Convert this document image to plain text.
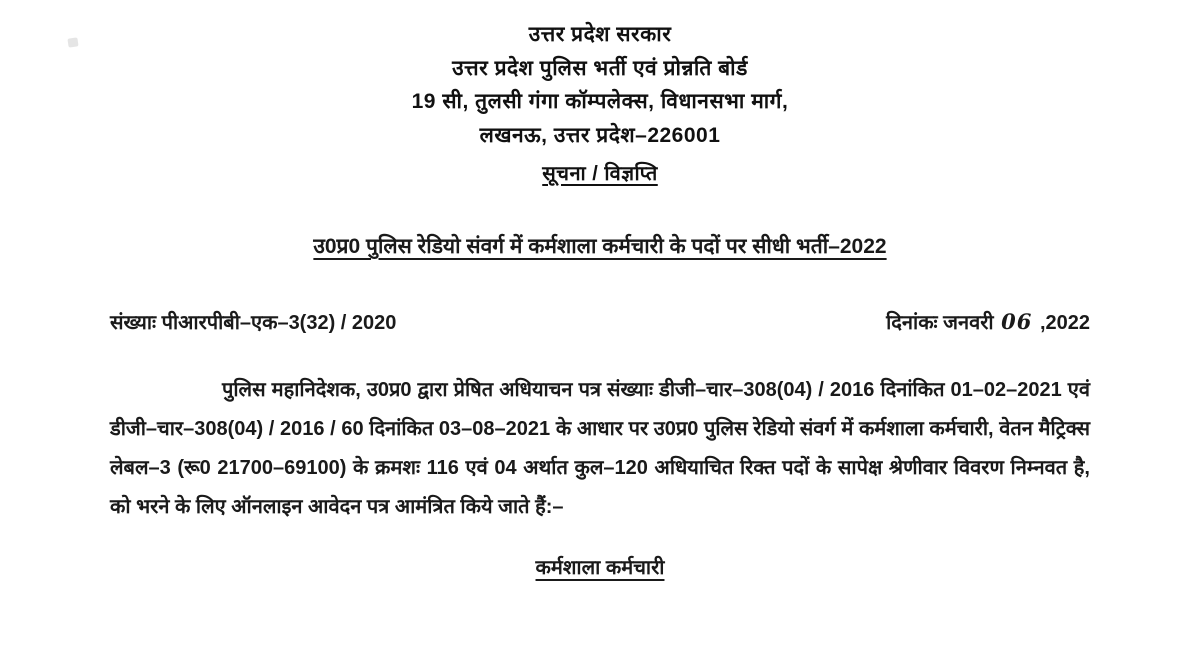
उत्तर प्रदेश सरकार
उत्तर प्रदेश पुलिस भर्ती एवं प्रोन्नति बोर्ड
19 सी, तुलसी गंगा कॉम्पलेक्स, विधानसभा मार्ग,
लखनऊ, उत्तर प्रदेश–226001
सूचना / विज्ञप्ति
उ0प्र0 पुलिस रेडियो संवर्ग में कर्मशाला कर्मचारी के पदों पर सीधी भर्ती–2022
संख्याः पीआरपीबी–एक–3(32) / 2020	दिनांकः जनवरी 06 ,2022
पुलिस महानिदेशक, उ0प्र0 द्वारा प्रेषित अधियाचन पत्र संख्याः डीजी–चार–308(04) / 2016 दिनांकित 01–02–2021 एवं डीजी–चार–308(04) / 2016 / 60 दिनांकित 03–08–2021 के आधार पर उ0प्र0 पुलिस रेडियो संवर्ग में कर्मशाला कर्मचारी, वेतन मैट्रिक्स लेबल–3 (रू0 21700–69100) के क्रमशः 116 एवं 04 अर्थात कुल–120 अधियाचित रिक्त पदों के सापेक्ष श्रेणीवार विवरण निम्नवत है, को भरने के लिए ऑनलाइन आवेदन पत्र आमंत्रित किये जाते हैं:–
कर्मशाला कर्मचारी
